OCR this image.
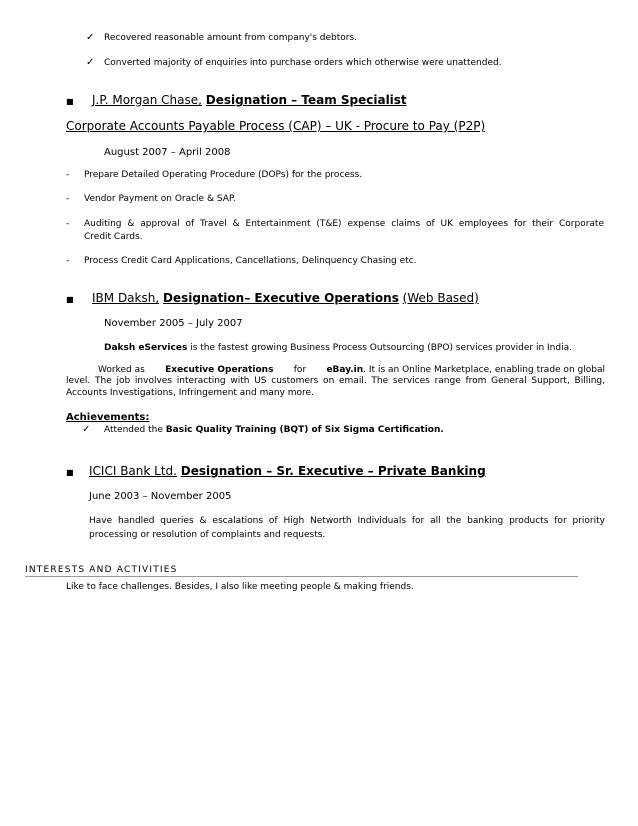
✓ Recovered reasonable amount from company's debtors.
✓ Converted majority of enquiries into purchase orders which otherwise were unattended.
■ J.P. Morgan Chase, Designation – Team Specialist
Corporate Accounts Payable Process (CAP) – UK - Procure to Pay (P2P)
August 2007 – April 2008
- Prepare Detailed Operating Procedure (DOPs) for the process.
- Vendor Payment on Oracle & SAP.
- Auditing & approval of Travel & Entertainment (T&E) expense claims of UK employees for their Corporate
Credit Cards.
- Process Credit Card Applications, Cancellations, Delinquency Chasing etc.
■ IBM Daksh, Designation– Executive Operations (Web Based)
November 2005 – July 2007
Daksh eServices is the fastest growing Business Process Outsourcing (BPO) services provider in India.
Worked as Executive Operations for eBay.in. It is an Online Marketplace, enabling trade on global
level. The job involves interacting with US customers on email. The services range from General Support, Billing,
Accounts Investigations, Infringement and many more.
Achievements:
✓ Attended the Basic Quality Training (BQT) of Six Sigma Certification.
■ ICICI Bank Ltd. Designation – Sr. Executive – Private Banking
June 2003 – November 2005
Have handled queries & escalations of High Networth Individuals for all the banking products for priority
processing or resolution of complaints and requests.
INTERESTS AND ACTIVITIES
Like to face challenges. Besides, I also like meeting people & making friends.
